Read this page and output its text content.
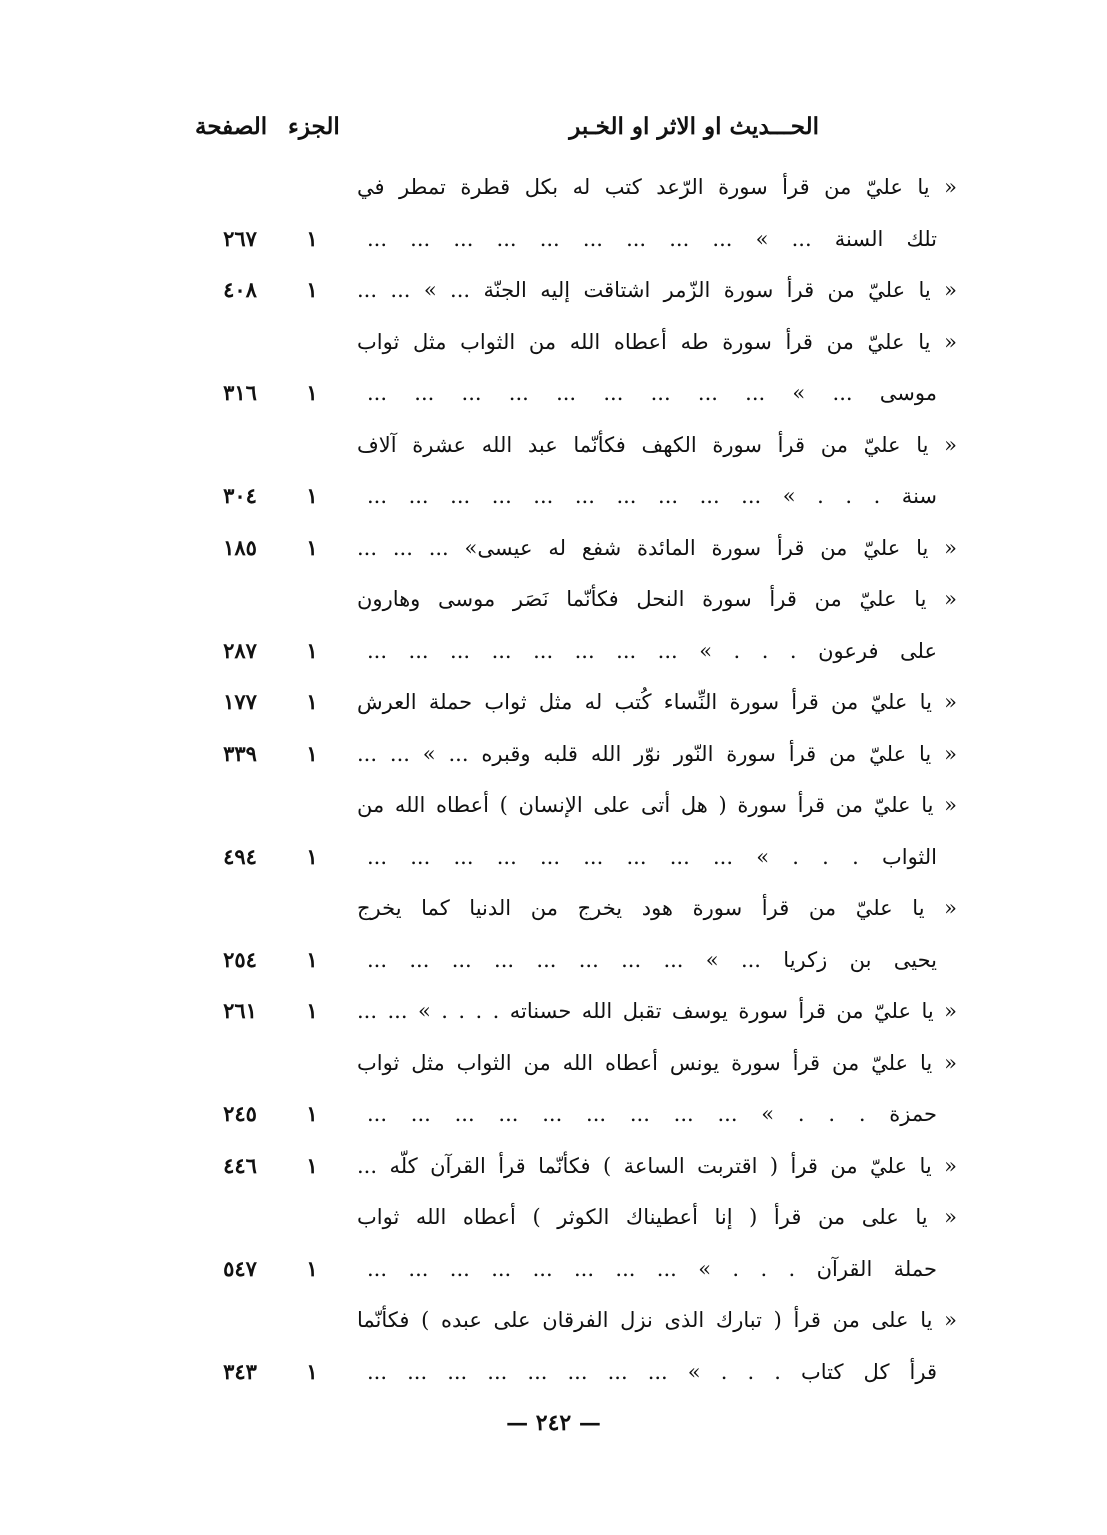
الحـــديث او الاثر او الخـبر
الجزء
الصفحة
« يا عليّ من قرأ سورة الرّعد كتب له بكل قطرة تمطر في
تلك السنة ... » ... ... ... ... ... ... ... ... ...
١
٢٦٧
« يا عليّ من قرأ سورة الزّمر اشتاقت إليه الجنّة ... » ... ...
١
٤٠٨
« يا عليّ من قرأ سورة طه أعطاه الله من الثواب مثل ثواب
موسى ... » ... ... ... ... ... ... ... ... ...
١
٣١٦
« يا عليّ من قرأ سورة الكهف فكأنّما عبد الله عشرة آلاف
سنة . . . » ... ... ... ... ... ... ... ... ... ...
١
٣٠٤
« يا عليّ من قرأ سورة المائدة شفع له عيسى» ... ... ...
١
١٨٥
« يا عليّ من قرأ سورة النحل فكأنّما نَصَر موسى وهارون
على فرعون . . . » ... ... ... ... ... ... ... ...
١
٢٨٧
« يا عليّ من قرأ سورة النِّساء كُتب له مثل ثواب حملة العرش
١
١٧٧
« يا عليّ من قرأ سورة النّور نوّر الله قلبه وقبره ... » ... ...
١
٣٣٩
« يا عليّ من قرأ سورة ( هل أتى على الإنسان ) أعطاه الله من
الثواب . . . » ... ... ... ... ... ... ... ... ...
١
٤٩٤
« يا عليّ من قرأ سورة هود يخرج من الدنيا كما يخرج
يحيى بن زكريا ... » ... ... ... ... ... ... ... ...
١
٢٥٤
« يا عليّ من قرأ سورة يوسف تقبل الله حسناته . . . . » ... ...
١
٢٦١
« يا عليّ من قرأ سورة يونس أعطاه الله من الثواب مثل ثواب
حمزة . . . » ... ... ... ... ... ... ... ... ...
١
٢٤٥
« يا عليّ من قرأ ( اقتربت الساعة ) فكأنّما قرأ القرآن كلّه ...
١
٤٤٦
« يا على من قرأ ( إنا أعطيناك الكوثر ) أعطاه الله ثواب
حملة القرآن . . . » ... ... ... ... ... ... ... ...
١
٥٤٧
« يا على من قرأ ( تبارك الذى نزل الفرقان على عبده ) فكأنّما
قرأ كل كتاب . . . » ... ... ... ... ... ... ... ...
١
٣٤٣
— ٢٤٢ —
